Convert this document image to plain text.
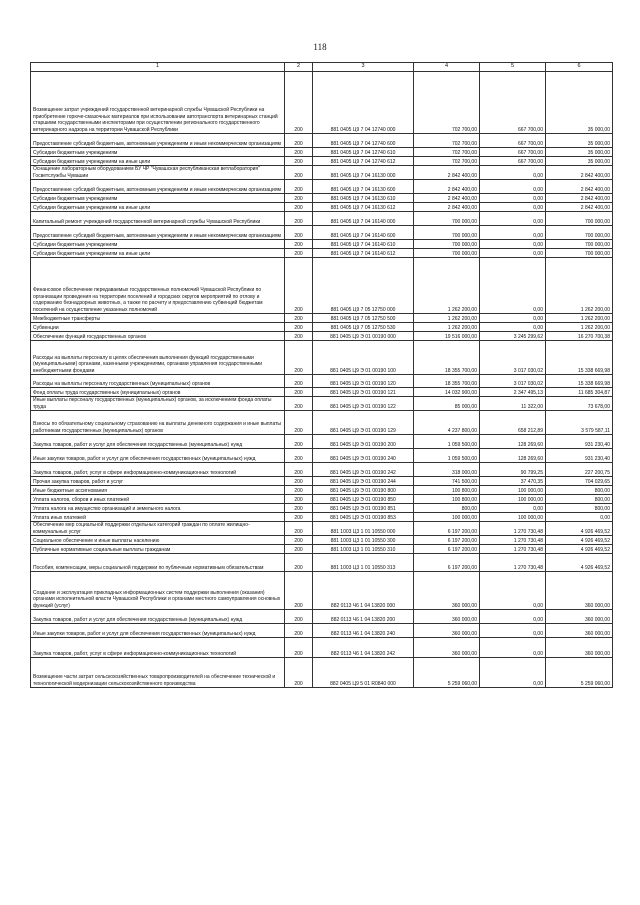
118
1	2	3	4	5	6
Возмещение затрат учреждений государственной ветеринарной службы Чувашской Республики на приобретение горюче-смазочных материалов при использовании автотранспорта ветеринарных станций старшими государственными инспекторами при осуществлении регионального государственного ветеринарного надзора на территории Чувашской Республики	200	881 0405 Ц9 7 04 12740 000	702 700,00	667 700,00	35 000,00
Предоставление субсидий бюджетным, автономным учреждениям и иным некоммерческим организациям	200	881 0405 Ц9 7 04 12740 600	702 700,00	667 700,00	35 000,00
Субсидии бюджетным учреждениям	200	881 0405 Ц9 7 04 12740 610	702 700,00	667 700,00	35 000,00
Субсидии бюджетным учреждениям на иные цели	200	881 0405 Ц9 7 04 12740 612	702 700,00	667 700,00	35 000,00
Оснащение лабораторным оборудованием БУ ЧР "Чувашская республиканская ветлаборатория" Госветслужбы Чувашии	200	881 0405 Ц9 7 04 16130 000	2 842 400,00	0,00	2 842 400,00
Предоставление субсидий бюджетным, автономным учреждениям и иным некоммерческим организациям	200	881 0405 Ц9 7 04 16130 600	2 842 400,00	0,00	2 842 400,00
Субсидии бюджетным учреждениям	200	881 0405 Ц9 7 04 16130 610	2 842 400,00	0,00	2 842 400,00
Субсидии бюджетным учреждениям на иные цели	200	881 0405 Ц9 7 04 16130 612	2 842 400,00	0,00	2 842 400,00
Капитальный ремонт учреждений государственной ветеринарной службы Чувашской Республики	200	881 0405 Ц9 7 04 16140 000	700 000,00	0,00	700 000,00
Предоставление субсидий бюджетным, автономным учреждениям и иным некоммерческим организациям	200	881 0405 Ц9 7 04 16140 600	700 000,00	0,00	700 000,00
Субсидии бюджетным учреждениям	200	881 0405 Ц9 7 04 16140 610	700 000,00	0,00	700 000,00
Субсидии бюджетным учреждениям на иные цели	200	881 0405 Ц9 7 04 16140 612	700 000,00	0,00	700 000,00
Финансовое обеспечение передаваемых государственных полномочий Чувашской Республики по организации проведения на территории поселений и городских округов мероприятий по отлову и содержанию безнадзорных животных, а также по расчету и предоставлению субвенций бюджетам поселений на осуществление указанных полномочий	200	881 0405 Ц9 7 05 12750 000	1 262 200,00	0,00	1 262 200,00
Межбюджетные трансферты	200	881 0405 Ц9 7 05 12750 500	1 262 200,00	0,00	1 262 200,00
Субвенции	200	881 0405 Ц9 7 05 12750 530	1 262 200,00	0,00	1 262 200,00
Обеспечение функций государственных органов	200	881 0405 Ц9 Э 01 00190 000	19 516 000,00	3 245 299,62	16 270 700,38
Расходы на выплаты персоналу в целях обеспечения выполнения функций государственными (муниципальными) органами, казенными учреждениями, органами управления государственными внебюджетными фондами	200	881 0405 Ц9 Э 01 00190 100	18 355 700,00	3 017 030,02	15 338 669,98
Расходы на выплаты персоналу государственных (муниципальных) органов	200	881 0405 Ц9 Э 01 00190 120	18 355 700,00	3 017 030,02	15 338 669,98
Фонд оплаты труда государственных (муниципальных) органов	200	881 0405 Ц9 Э 01 00190 121	14 032 900,00	2 347 495,13	11 685 304,87
Иные выплаты персоналу государственных (муниципальных) органов, за исключением фонда оплаты труда	200	881 0405 Ц9 Э 01 00190 122	85 000,00	11 322,00	73 678,00
Взносы по обязательному социальному страхованию на выплаты денежного содержания и иные выплаты работникам государственных (муниципальных) органов	200	881 0405 Ц9 Э 01 00190 129	4 237 800,00	658 212,89	3 579 587,11
Закупка товаров, работ и услуг для обеспечения государственных (муниципальных) нужд	200	881 0405 Ц9 Э 01 00190 200	1 059 500,00	128 269,60	931 230,40
Иные закупки товаров, работ и услуг для обеспечения государственных (муниципальных) нужд	200	881 0405 Ц9 Э 01 00190 240	1 059 500,00	128 269,60	931 230,40
Закупка товаров, работ, услуг в сфере информационно-коммуникационных технологий	200	881 0405 Ц9 Э 01 00190 242	318 000,00	90 799,25	227 200,75
Прочая закупка товаров, работ и услуг	200	881 0405 Ц9 Э 01 00190 244	741 500,00	37 470,35	704 029,65
Иные бюджетные ассигнования	200	881 0405 Ц9 Э 01 00190 800	100 800,00	100 000,00	800,00
Уплата налогов, сборов и иных платежей	200	881 0405 Ц9 Э 01 00190 850	100 800,00	100 000,00	800,00
Уплата налога на имущество организаций и земельного налога	200	881 0405 Ц9 Э 01 00190 851	800,00	0,00	800,00
Уплата иных платежей	200	881 0405 Ц9 Э 01 00190 853	100 000,00	100 000,00	0,00
Обеспечение мер социальной поддержки отдельных категорий граждан по оплате жилищно-коммунальных услуг	200	881 1003 Ц3 1 01 10550 000	6 197 200,00	1 270 730,48	4 926 469,52
Социальное обеспечение и иные выплаты населению	200	881 1003 Ц3 1 01 10550 300	6 197 200,00	1 270 730,48	4 926 469,52
Публичные нормативные социальные выплаты гражданам	200	881 1003 Ц3 1 01 10550 310	6 197 200,00	1 270 730,48	4 926 469,52
Пособия, компенсации, меры социальной поддержки по публичным нормативным обязательствам	200	881 1003 Ц3 1 01 10550 313	6 197 200,00	1 270 730,48	4 926 469,52
Создание и эксплуатация прикладных информационных систем поддержки выполнения (оказания) органами исполнительной власти Чувашской Республики и органами местного самоуправления основных функций (услуг)	200	882 0113 Ч6 1 04 13820 000	360 000,00	0,00	360 000,00
Закупка товаров, работ и услуг для обеспечения государственных (муниципальных) нужд	200	882 0113 Ч6 1 04 13820 200	360 000,00	0,00	360 000,00
Иные закупки товаров, работ и услуг для обеспечения государственных (муниципальных) нужд	200	882 0113 Ч6 1 04 13820 240	360 000,00	0,00	360 000,00
Закупка товаров, работ, услуг в сфере информационно-коммуникационных технологий	200	882 0113 Ч6 1 04 13820 242	360 000,00	0,00	360 000,00
Возмещение части затрат сельскохозяйственных товаропроизводителей на обеспечение технической и технологической модернизации сельскохозяйственного производства	200	882 0405 Ц9 5 01 R0840 000	5 259 060,00	0,00	5 259 060,00
